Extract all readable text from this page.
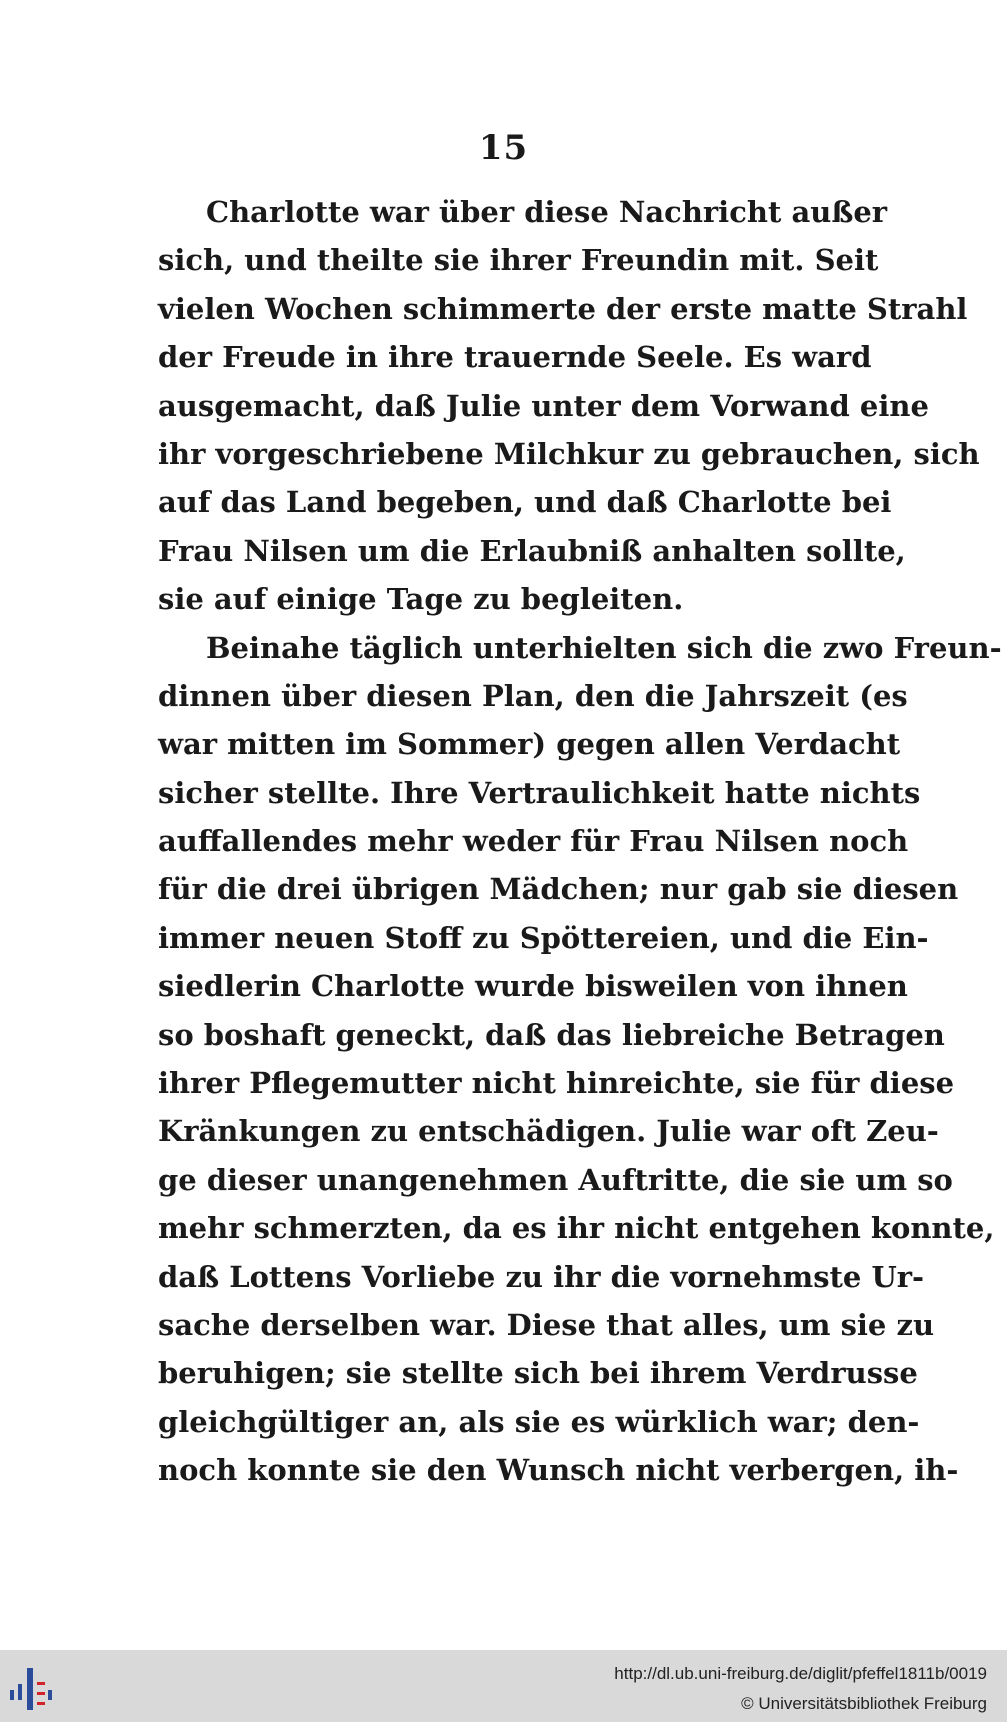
15
Charlotte war über diese Nachricht außer
sich, und theilte sie ihrer Freundin mit. Seit
vielen Wochen schimmerte der erste matte Strahl
der Freude in ihre trauernde Seele. Es ward
ausgemacht, daß Julie unter dem Vorwand eine
ihr vorgeschriebene Milchkur zu gebrauchen, sich
auf das Land begeben, und daß Charlotte bei
Frau Nilsen um die Erlaubniß anhalten sollte,
sie auf einige Tage zu begleiten.
Beinahe täglich unterhielten sich die zwo Freun-
dinnen über diesen Plan, den die Jahrszeit (es
war mitten im Sommer) gegen allen Verdacht
sicher stellte. Ihre Vertraulichkeit hatte nichts
auffallendes mehr weder für Frau Nilsen noch
für die drei übrigen Mädchen; nur gab sie diesen
immer neuen Stoff zu Spöttereien, und die Ein-
siedlerin Charlotte wurde bisweilen von ihnen
so boshaft geneckt, daß das liebreiche Betragen
ihrer Pflegemutter nicht hinreichte, sie für diese
Kränkungen zu entschädigen. Julie war oft Zeu-
ge dieser unangenehmen Auftritte, die sie um so
mehr schmerzten, da es ihr nicht entgehen konnte,
daß Lottens Vorliebe zu ihr die vornehmste Ur-
sache derselben war. Diese that alles, um sie zu
beruhigen; sie stellte sich bei ihrem Verdrusse
gleichgültiger an, als sie es würklich war; den-
noch konnte sie den Wunsch nicht verbergen, ih-
http://dl.ub.uni-freiburg.de/diglit/pfeffel1811b/0019
© Universitätsbibliothek Freiburg
